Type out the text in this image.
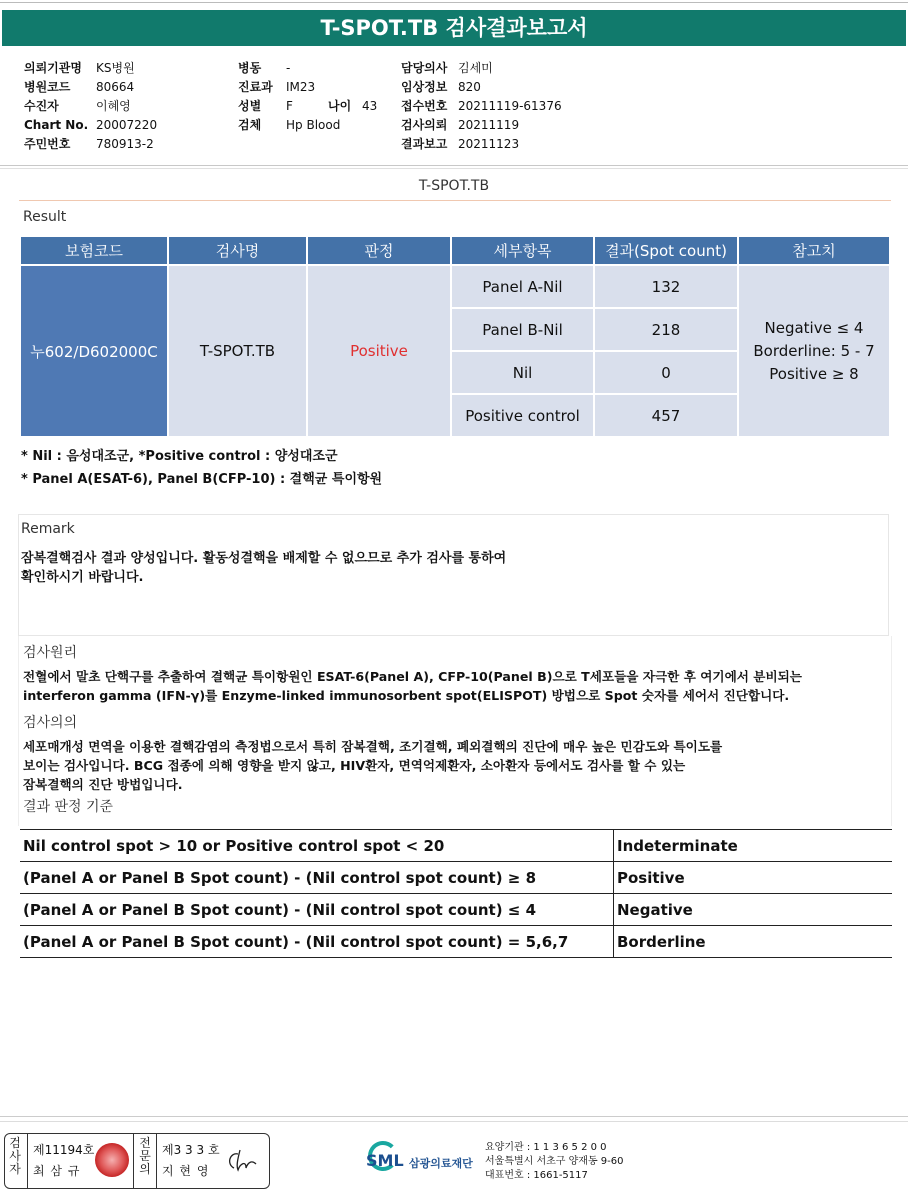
T-SPOT.TB 검사결과보고서
의뢰기관명 KS병원
병원코드 80664
수진자	이혜영
Chart No. 20007220
주민번호 780913-2
병동 -
진료과 IM23
성별 F	나이 43
검체 Hp Blood
담당의사 김세미
임상정보 820
접수번호 20211119-61376
검사의뢰 20211119
결과보고 20211123
T-SPOT.TB
Result
보험코드	검사명	판정	세부항목	결과(Spot count)	참고치
누602/D602000C	T-SPOT.TB	Positive	Panel A-Nil	132	Negative ≤ 4
Borderline: 5 - 7
Positive ≥ 8

			Panel B-Nil	218	
			Nil	0	
			Positive control	457	
* Nil : 음성대조군, *Positive control : 양성대조군
* Panel A(ESAT-6), Panel B(CFP-10) : 결핵균 특이항원
Remark
잠복결핵검사 결과 양성입니다. 활동성결핵을 배제할 수 없으므로 추가 검사를 통하여
확인하시기 바랍니다.
검사원리
전혈에서 말초 단핵구를 추출하여 결핵균 특이항원인 ESAT-6(Panel A), CFP-10(Panel B)으로 T세포들을 자극한 후 여기에서 분비되는
interferon gamma (IFN-γ)를 Enzyme-linked immunosorbent spot(ELISPOT) 방법으로 Spot 숫자를 세어서 진단합니다.
검사의의
세포매개성 면역을 이용한 결핵감염의 측정법으로서 특히 잠복결핵, 조기결핵, 폐외결핵의 진단에 매우 높은 민감도와 특이도를
보이는 검사입니다. BCG 접종에 의해 영향을 받지 않고, HIV환자, 면역억제환자, 소아환자 등에서도 검사를 할 수 있는
잠복결핵의 진단 방법입니다.
결과 판정 기준
Nil control spot > 10 or Positive control spot < 20	Indeterminate
(Panel A or Panel B Spot count) - (Nil control spot count) ≥ 8	Positive
(Panel A or Panel B Spot count) - (Nil control spot count) ≤ 4	Negative
(Panel A or Panel B Spot count) - (Nil control spot count) = 5,6,7	Borderline
검사자
제11194호
최 삼 규
전문의
제3 3 3 호
지 현 영
SML 삼광의료재단
요양기관 : 1 1 3 6 5 2 0 0
서울특별시 서초구 양재동 9-60
대표번호 : 1661-5117
